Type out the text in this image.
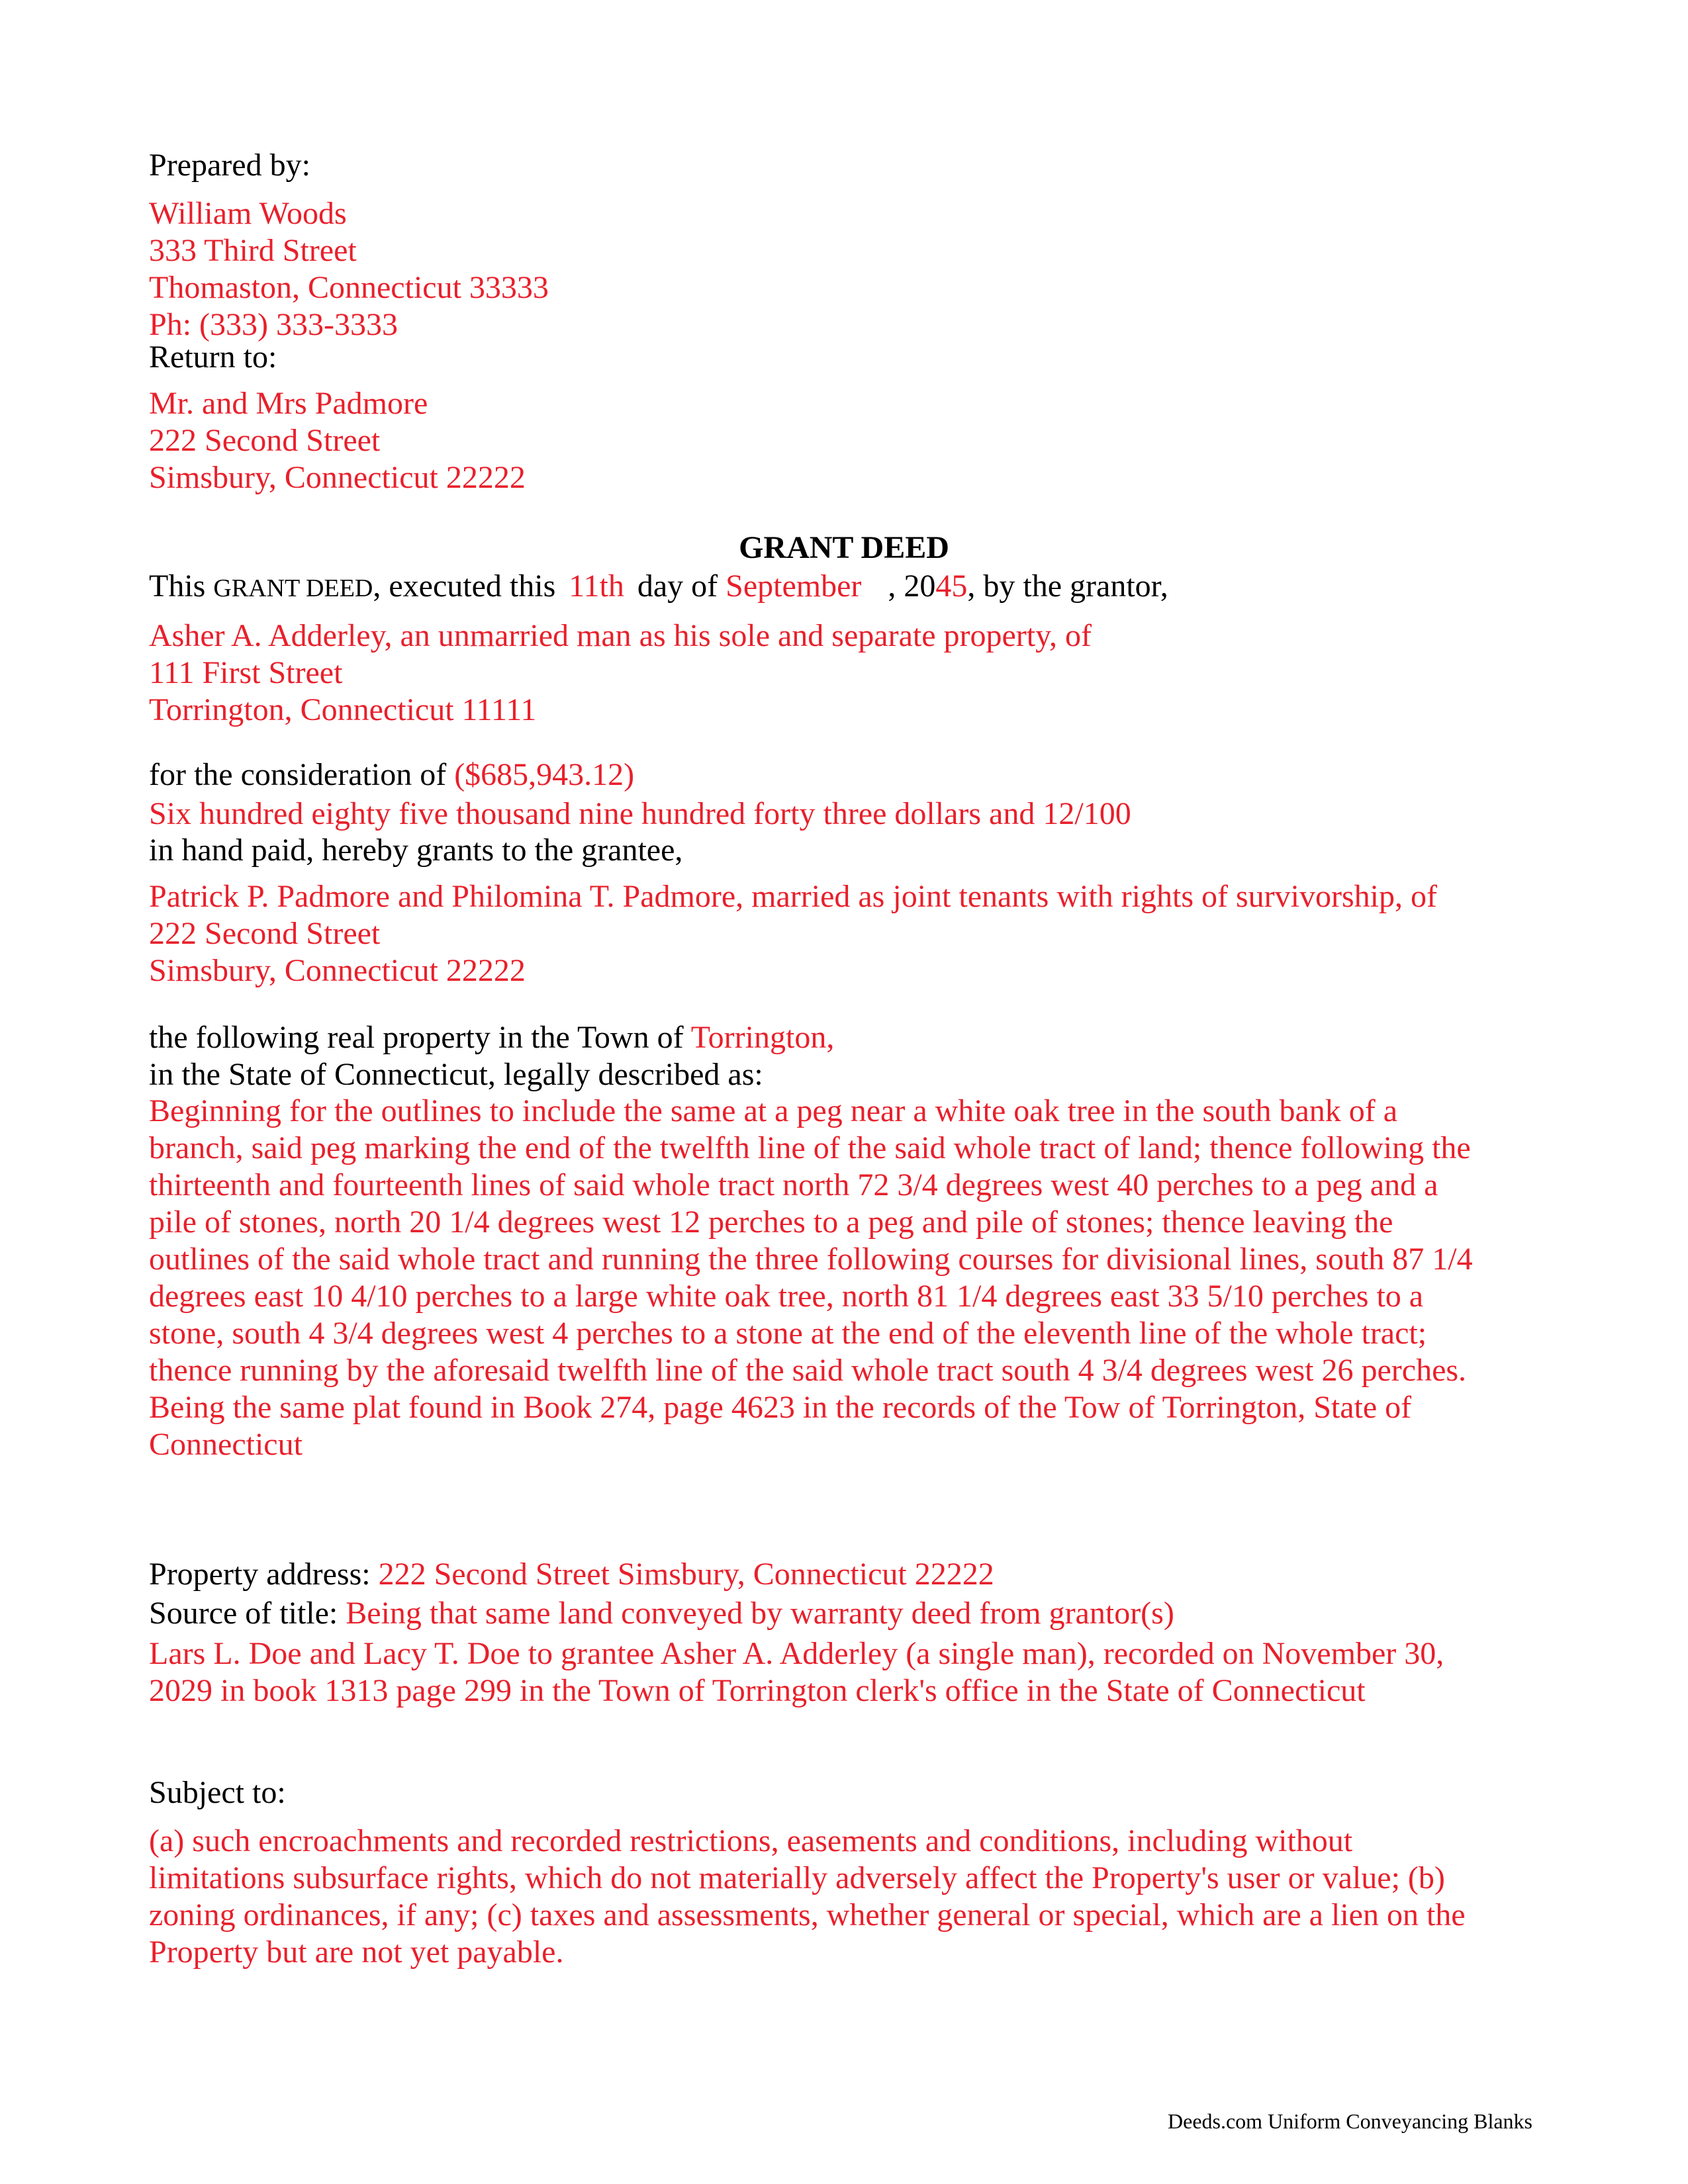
Prepared by:
William Woods
333 Third Street
Thomaston, Connecticut 33333
Ph: (333) 333-3333
Return to:
Mr. and Mrs Padmore
222 Second Street
Simsbury, Connecticut 22222
GRANT DEED
This GRANT DEED, executed this 11th day of September , 2045, by the grantor,
Asher A. Adderley, an unmarried man as his sole and separate property, of
111 First Street
Torrington, Connecticut 11111
for the consideration of ($685,943.12)
Six hundred eighty five thousand nine hundred forty three dollars and 12/100
in hand paid, hereby grants to the grantee,
Patrick P. Padmore and Philomina T. Padmore, married as joint tenants with rights of survivorship, of
222 Second Street
Simsbury, Connecticut 22222
the following real property in the Town of Torrington,
in the State of Connecticut, legally described as:
Beginning for the outlines to include the same at a peg near a white oak tree in the south bank of a
branch, said peg marking the end of the twelfth line of the said whole tract of land; thence following the
thirteenth and fourteenth lines of said whole tract north 72 3/4 degrees west 40 perches to a peg and a
pile of stones, north 20 1/4 degrees west 12 perches to a peg and pile of stones; thence leaving the
outlines of the said whole tract and running the three following courses for divisional lines, south 87 1/4
degrees east 10 4/10 perches to a large white oak tree, north 81 1/4 degrees east 33 5/10 perches to a
stone, south 4 3/4 degrees west 4 perches to a stone at the end of the eleventh line of the whole tract;
thence running by the aforesaid twelfth line of the said whole tract south 4 3/4 degrees west 26 perches.
Being the same plat found in Book 274, page 4623 in the records of the Tow of Torrington, State of
Connecticut
Property address: 222 Second Street Simsbury, Connecticut 22222
Source of title: Being that same land conveyed by warranty deed from grantor(s)
Lars L. Doe and Lacy T. Doe to grantee Asher A. Adderley (a single man), recorded on November 30,
2029 in book 1313 page 299 in the Town of Torrington clerk's office in the State of Connecticut
Subject to:
(a) such encroachments and recorded restrictions, easements and conditions, including without
limitations subsurface rights, which do not materially adversely affect the Property's user or value; (b)
zoning ordinances, if any; (c) taxes and assessments, whether general or special, which are a lien on the
Property but are not yet payable.
Deeds.com Uniform Conveyancing Blanks
